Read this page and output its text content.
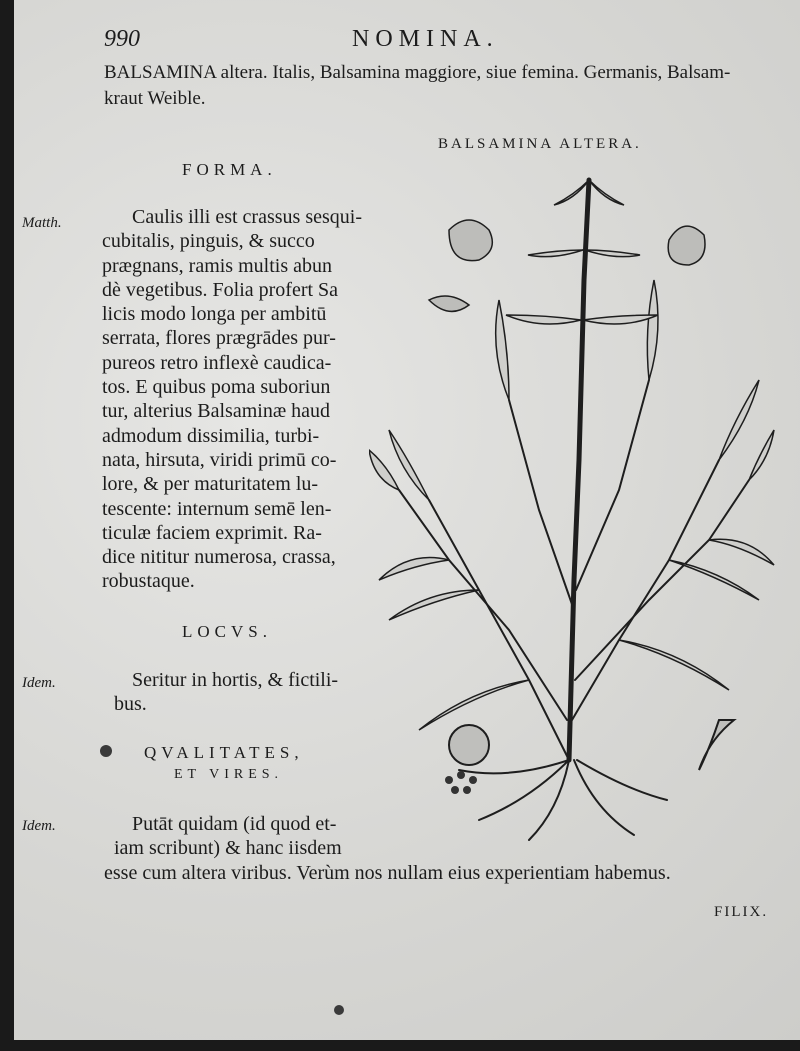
990	NOMINA.
BALSAMINA altera. Italis, Balsamina maggiore, siue femina. Germanis, Balsam-
kraut Weible.
BALSAMINA ALTERA.
FORMA.
Matth.	Caulis illi est crassus sesqui-
cubitalis, pinguis, & succo
prægnans, ramis multis abun
dè vegetibus. Folia profert Sa
licis modo longa per ambitū
serrata, flores prægrādes pur-
pureos retro inflexè caudica-
tos. E quibus poma suboriun
tur, alterius Balsaminæ haud
admodum dissimilia, turbi-
nata, hirsuta, viridi primū co-
lore, & per maturitatem lu-
tescente: internum semē len-
ticulæ faciem exprimit. Ra-
dice nititur numerosa, crassa,
robustaque.
LOCVS.
Idem.	Seritur in hortis, & fictili-
bus.
QVALITATES,
ET VIRES.
Idem.	Putāt quidam (id quod et-
iam scribunt) & hanc iisdem
esse cum altera viribus. Verùm nos nullam eius experientiam habemus.
FILIX.
